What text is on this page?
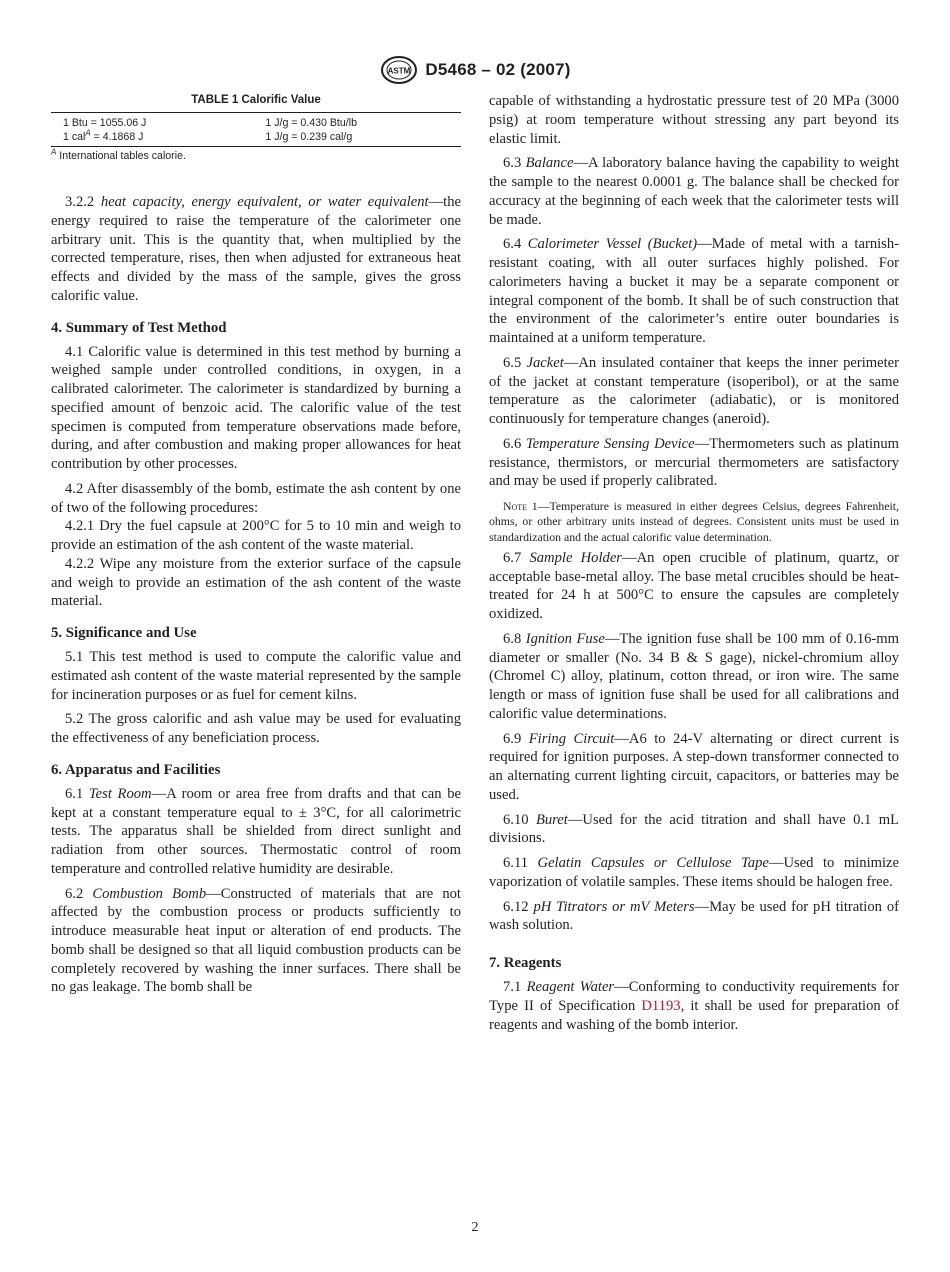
ASTM D5468 – 02 (2007)
TABLE 1 Calorific Value
1 Btu = 1055.06 J	1 J/g = 0.430 Btu/lb
1 cal$^A$ = 4.1868 J	1 J/g = 0.239 cal/g
$^A$ International tables calorie.

3.2.2 heat capacity, energy equivalent, or water equivalent—the energy required to raise the temperature of the calorimeter one arbitrary unit. This is the quantity that, when multiplied by the corrected temperature, rises, then when adjusted for extraneous heat effects and divided by the mass of the sample, gives the gross calorific value.

4. Summary of Test Method

4.1 Calorific value is determined in this test method by burning a weighed sample under controlled conditions, in oxygen, in a calibrated calorimeter. The calorimeter is standardized by burning a specified amount of benzoic acid. The calorific value of the test specimen is computed from temperature observations made before, during, and after combustion and making proper allowances for heat contribution by other processes.

4.2 After disassembly of the bomb, estimate the ash content by one of two of the following procedures:

4.2.1 Dry the fuel capsule at 200°C for 5 to 10 min and weigh to provide an estimation of the ash content of the waste material.

4.2.2 Wipe any moisture from the exterior surface of the capsule and weigh to provide an estimation of the ash content of the waste material.

5. Significance and Use

5.1 This test method is used to compute the calorific value and estimated ash content of the waste material represented by the sample for incineration purposes or as fuel for cement kilns.

5.2 The gross calorific and ash value may be used for evaluating the effectiveness of any beneficiation process.

6. Apparatus and Facilities

6.1 Test Room—A room or area free from drafts and that can be kept at a constant temperature equal to ± 3°C, for all calorimetric tests. The apparatus shall be shielded from direct sunlight and radiation from other sources. Thermostatic control of room temperature and controlled relative humidity are desirable.

6.2 Combustion Bomb—Constructed of materials that are not affected by the combustion process or products sufficiently to introduce measurable heat input or alteration of end products. The bomb shall be designed so that all liquid combustion products can be completely recovered by washing the inner surfaces. There shall be no gas leakage. The bomb shall be

capable of withstanding a hydrostatic pressure test of 20 MPa (3000 psig) at room temperature without stressing any part beyond its elastic limit.

6.3 Balance—A laboratory balance having the capability to weight the sample to the nearest 0.0001 g. The balance shall be checked for accuracy at the beginning of each week that the calorimeter tests will be made.

6.4 Calorimeter Vessel (Bucket)—Made of metal with a tarnish-resistant coating, with all outer surfaces highly polished. For calorimeters having a bucket it may be a separate component or integral component of the bomb. It shall be of such construction that the environment of the calorimeter’s entire outer boundaries is maintained at a uniform temperature.

6.5 Jacket—An insulated container that keeps the inner perimeter of the jacket at constant temperature (isoperibol), or at the same temperature as the calorimeter (adiabatic), or is monitored continuously for temperature changes (aneroid).

6.6 Temperature Sensing Device—Thermometers such as platinum resistance, thermistors, or mercurial thermometers are satisfactory and may be used if properly calibrated.

Note 1—Temperature is measured in either degrees Celsius, degrees Fahrenheit, ohms, or other arbitrary units instead of degrees. Consistent units must be used in standardization and the actual calorific value determination.

6.7 Sample Holder—An open crucible of platinum, quartz, or acceptable base-metal alloy. The base metal crucibles should be heat-treated for 24 h at 500°C to ensure the capsules are completely oxidized.

6.8 Ignition Fuse—The ignition fuse shall be 100 mm of 0.16-mm diameter or smaller (No. 34 B & S gage), nickel-chromium alloy (Chromel C) alloy, platinum, cotton thread, or iron wire. The same length or mass of ignition fuse shall be used for all calibrations and calorific value determinations.

6.9 Firing Circuit—A6 to 24-V alternating or direct current is required for ignition purposes. A step-down transformer connected to an alternating current lighting circuit, capacitors, or batteries may be used.

6.10 Buret—Used for the acid titration and shall have 0.1 mL divisions.

6.11 Gelatin Capsules or Cellulose Tape—Used to minimize vaporization of volatile samples. These items should be halogen free.

6.12 pH Titrators or mV Meters—May be used for pH titration of wash solution.

7. Reagents

7.1 Reagent Water—Conforming to conductivity requirements for Type II of Specification D1193, it shall be used for preparation of reagents and washing of the bomb interior.

2
